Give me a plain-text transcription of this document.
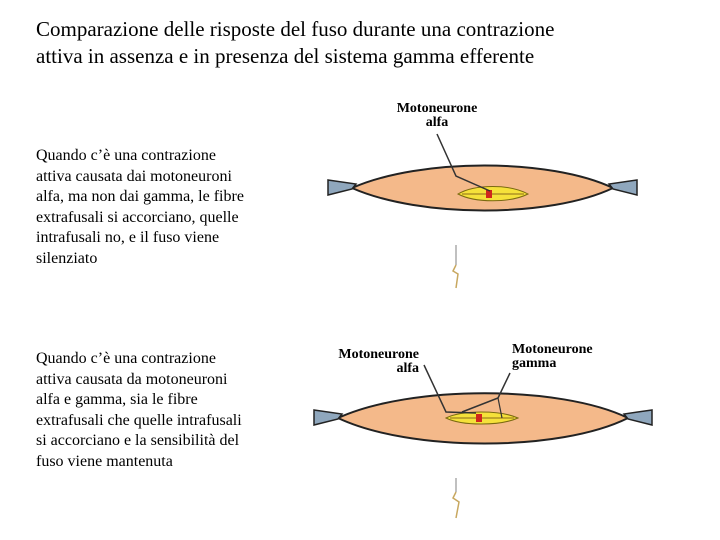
Comparazione delle risposte del fuso durante una contrazione
attiva in assenza e in presenza del sistema gamma efferente
Quando c’è una contrazione
attiva causata dai motoneuroni
alfa, ma non dai gamma, le fibre
extrafusali si accorciano, quelle
intrafusali no, e il fuso viene
silenziato
Quando c’è una contrazione
attiva causata da motoneuroni
alfa e gamma, sia le fibre
extrafusali che quelle intrafusali
si accorciano e la sensibilità del
fuso viene mantenuta
Motoneurone
alfa
Motoneurone
alfa
Motoneurone
gamma
